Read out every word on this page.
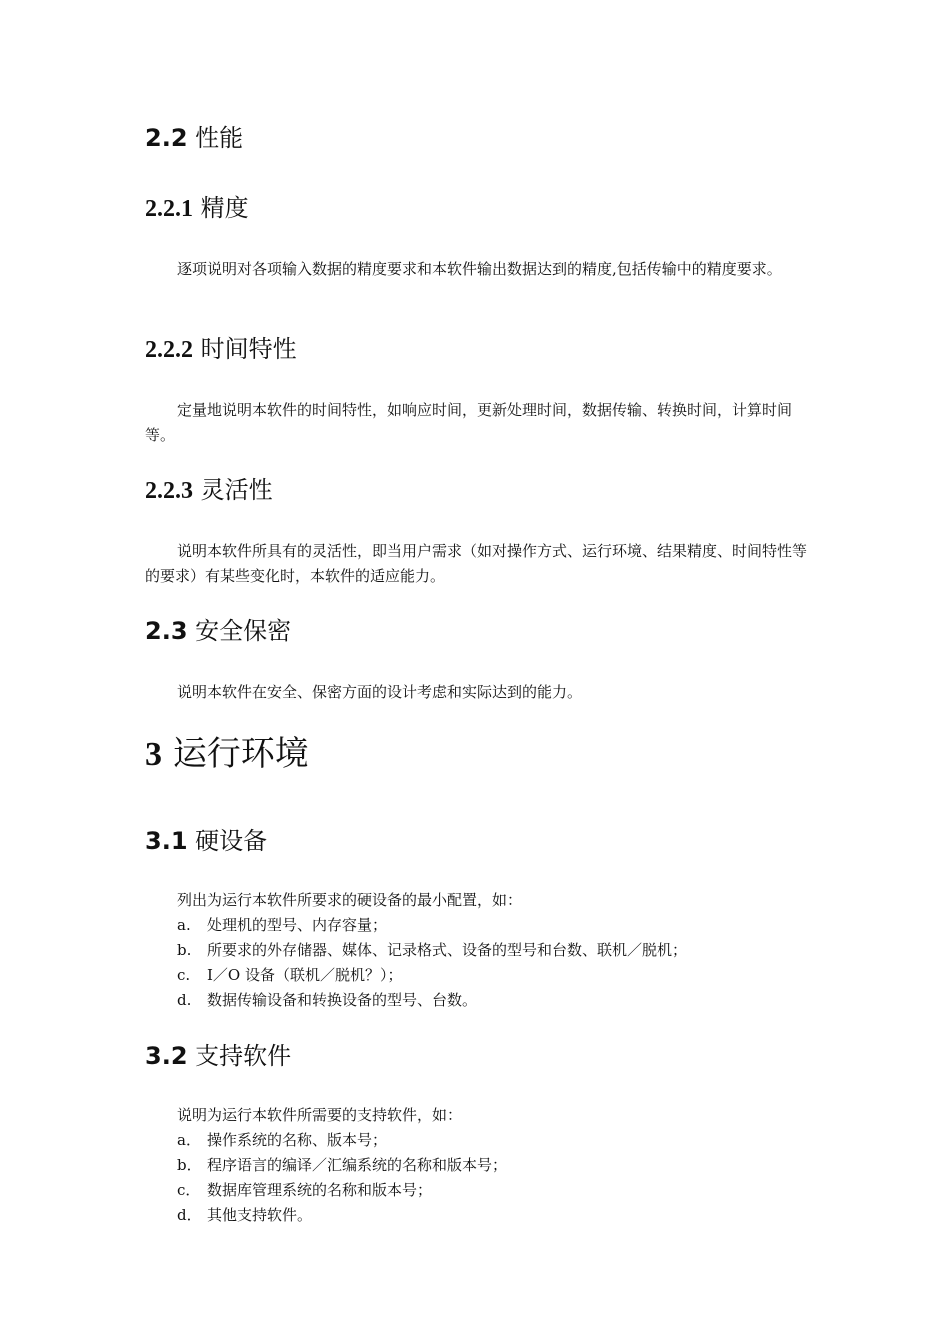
2.2 性能
2.2.1 精度
逐项说明对各项输入数据的精度要求和本软件输出数据达到的精度,包括传输中的精度要求。
2.2.2 时间特性
定量地说明本软件的时间特性，如响应时间，更新处理时间，数据传输、转换时间，计算时间等。
2.2.3 灵活性
说明本软件所具有的灵活性，即当用户需求（如对操作方式、运行环境、结果精度、时间特性等的要求）有某些变化时，本软件的适应能力。
2.3 安全保密
说明本软件在安全、保密方面的设计考虑和实际达到的能力。
3 运行环境
3.1 硬设备
列出为运行本软件所要求的硬设备的最小配置，如：
a. 处理机的型号、内存容量；
b. 所要求的外存储器、媒体、记录格式、设备的型号和台数、联机／脱机；
c. I／O 设备（联机／脱机？）；
d. 数据传输设备和转换设备的型号、台数。
3.2 支持软件
说明为运行本软件所需要的支持软件，如：
a． 操作系统的名称、版本号；
b． 程序语言的编译／汇编系统的名称和版本号；
c． 数据库管理系统的名称和版本号；
d． 其他支持软件。
